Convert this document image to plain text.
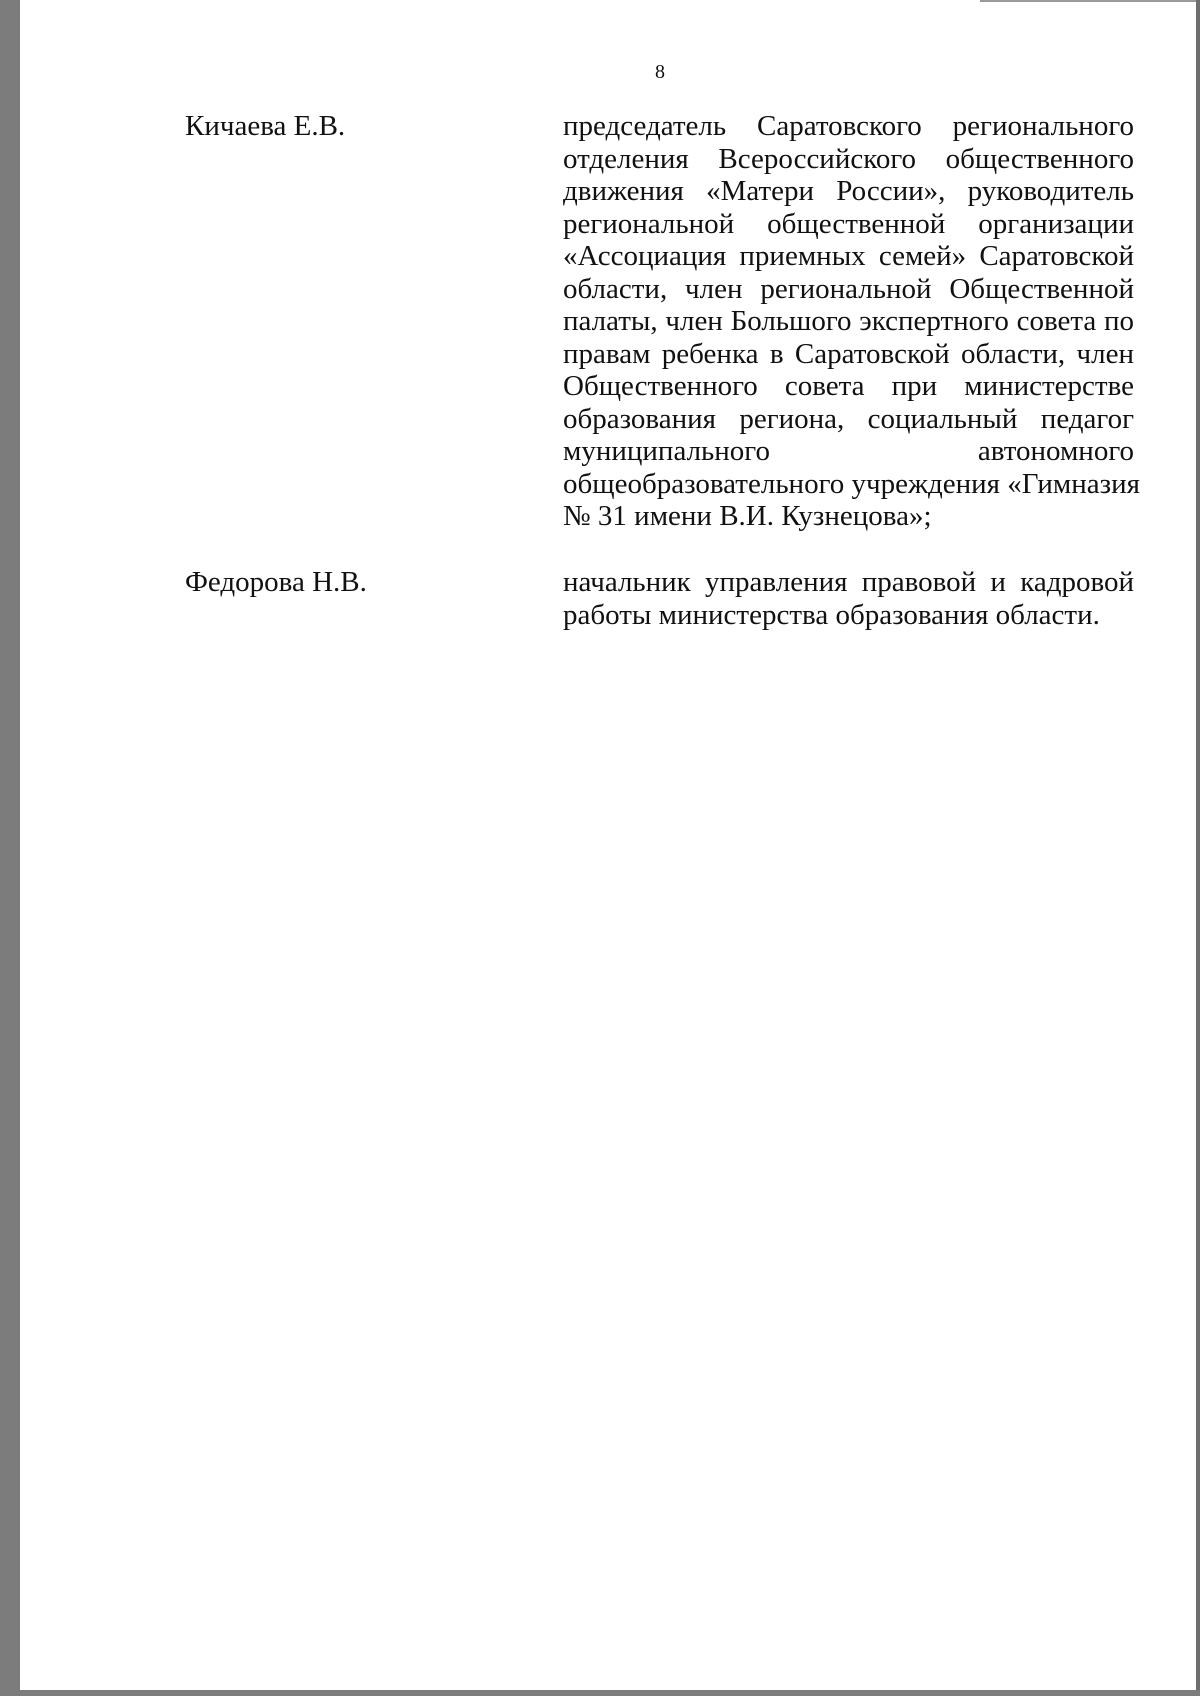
8
Кичаева Е.В.	председатель Саратовского регионального
отделения Всероссийского общественного
движения «Матери России», руководитель
региональной общественной организации
«Ассоциация приемных семей» Саратовской
области, член региональной Общественной
палаты, член Большого экспертного совета по
правам ребенка в Саратовской области, член
Общественного совета при министерстве
образования региона, социальный педагог
муниципального автономного
общеобразовательного учреждения «Гимназия
№ 31 имени В.И. Кузнецова»;
Федорова Н.В.	начальник управления правовой и кадровой
работы министерства образования области.
